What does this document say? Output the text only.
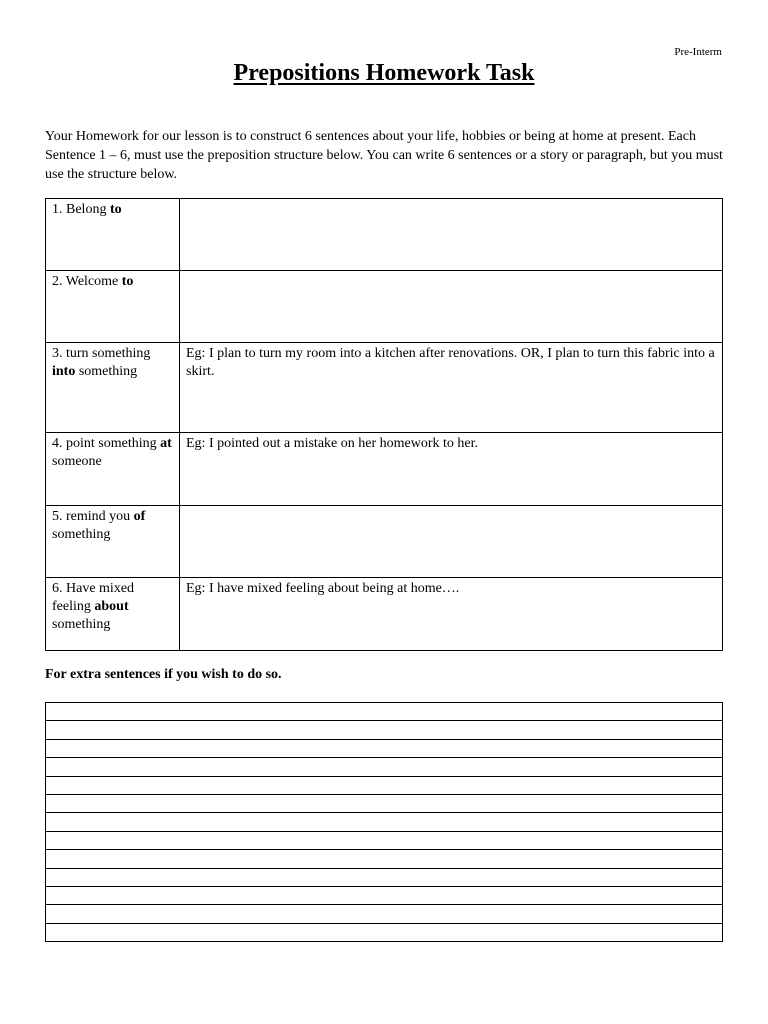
Pre-Interm
Prepositions Homework Task
Your Homework for our lesson is to construct 6 sentences about your life, hobbies or being at home at present. Each Sentence 1 – 6, must use the preposition structure below. You can write 6 sentences or a story or paragraph, but you must use the structure below.
1. Belong to	
2. Welcome to	
3. turn something into something	Eg: I plan to turn my room into a kitchen after renovations. OR, I plan to turn this fabric into a skirt.
4. point something at someone	Eg: I pointed out a mistake on her homework to her.
5. remind you of something	
6. Have mixed feeling about something	Eg: I have mixed feeling about being at home….
For extra sentences if you wish to do so.
